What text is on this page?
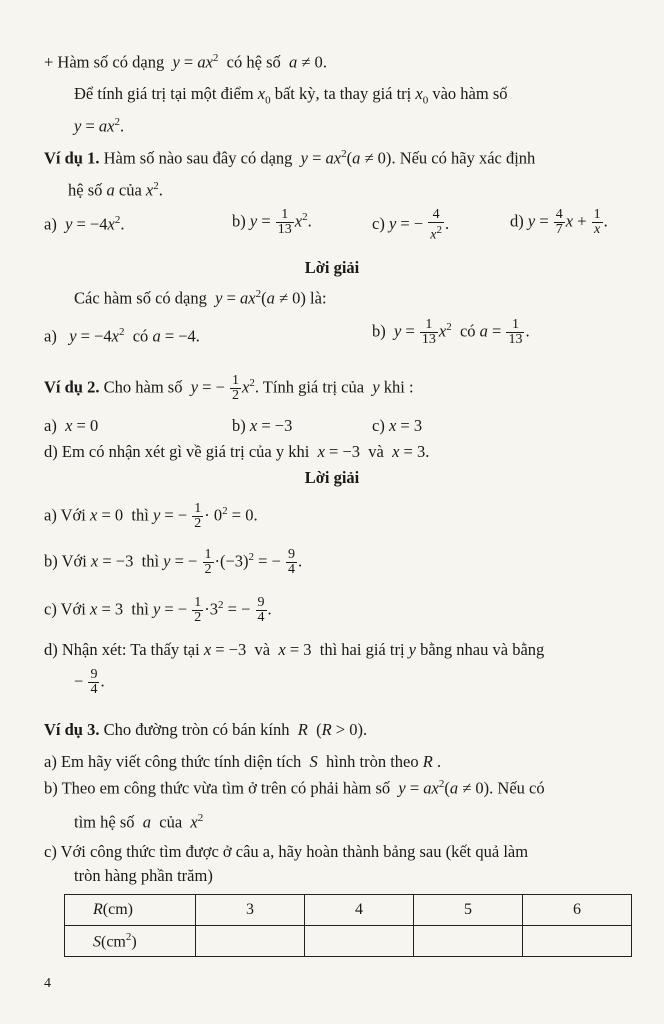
+ Hàm số có dạng $y = ax^2$ có hệ số a ≠ 0.
Để tính giá trị tại một điểm $x_0$ bất kỳ, ta thay giá trị $x_0$ vào hàm số
$y = ax^2$.
Ví dụ 1. Hàm số nào sau đây có dạng $y = ax^2(a \ne 0)$. Nếu có hãy xác định
hệ số a của $x^2$.
a) $y = -4x^2$.	b) $y = \frac{1}{13} x^2$.	c) y = − $\frac{4}{x^2}$ .	d) $y = \frac{4}{7}$ $x + \frac{1}{x}$ .
Lời giải
Các hàm số có dạng $y = ax^2(a \ne 0)$ là:
a) $y = -4x^2$ có a = −4.	b) $y = \frac{1}{13} x^2$ có $a = \frac{1}{13}$ .
Ví dụ 2. Cho hàm số y = − $\frac{1}{2} x^2$. Tính giá trị của y khi :
a) x = 0	b) x = −3	c) x = 3
d) Em có nhận xét gì về giá trị của y khi x = −3  và x = 3.
Lời giải
a) Với x = 0  thì y = − $\frac{1}{2} \cdot 0^2 = 0$.
b) Với x = −3  thì y = − $\frac{1}{2} \cdot(-3)^2$ = − $\frac{9}{4}$ .
c) Với x = 3  thì y = − $\frac{1}{2} \cdot 3^2$ = − $\frac{9}{4}$ .
d) Nhận xét: Ta thấy tại x = −3  và x = 3  thì hai giá trị y bằng nhau và bằng
− $\frac{9}{4}$ .
Ví dụ 3. Cho đường tròn có bán kính R  (R > 0).
a) Em hãy viết công thức tính diện tích S hình tròn theo R .
b) Theo em công thức vừa tìm ở trên có phải hàm số $y = ax^2(a \ne 0)$. Nếu có
tìm hệ số a của $x^2$
c) Với công thức tìm được ở câu a, hãy hoàn thành bảng sau (kết quả làm
tròn hàng phần trăm)
R(cm)	3	4	5	6
$S(cm^2)$				
4
